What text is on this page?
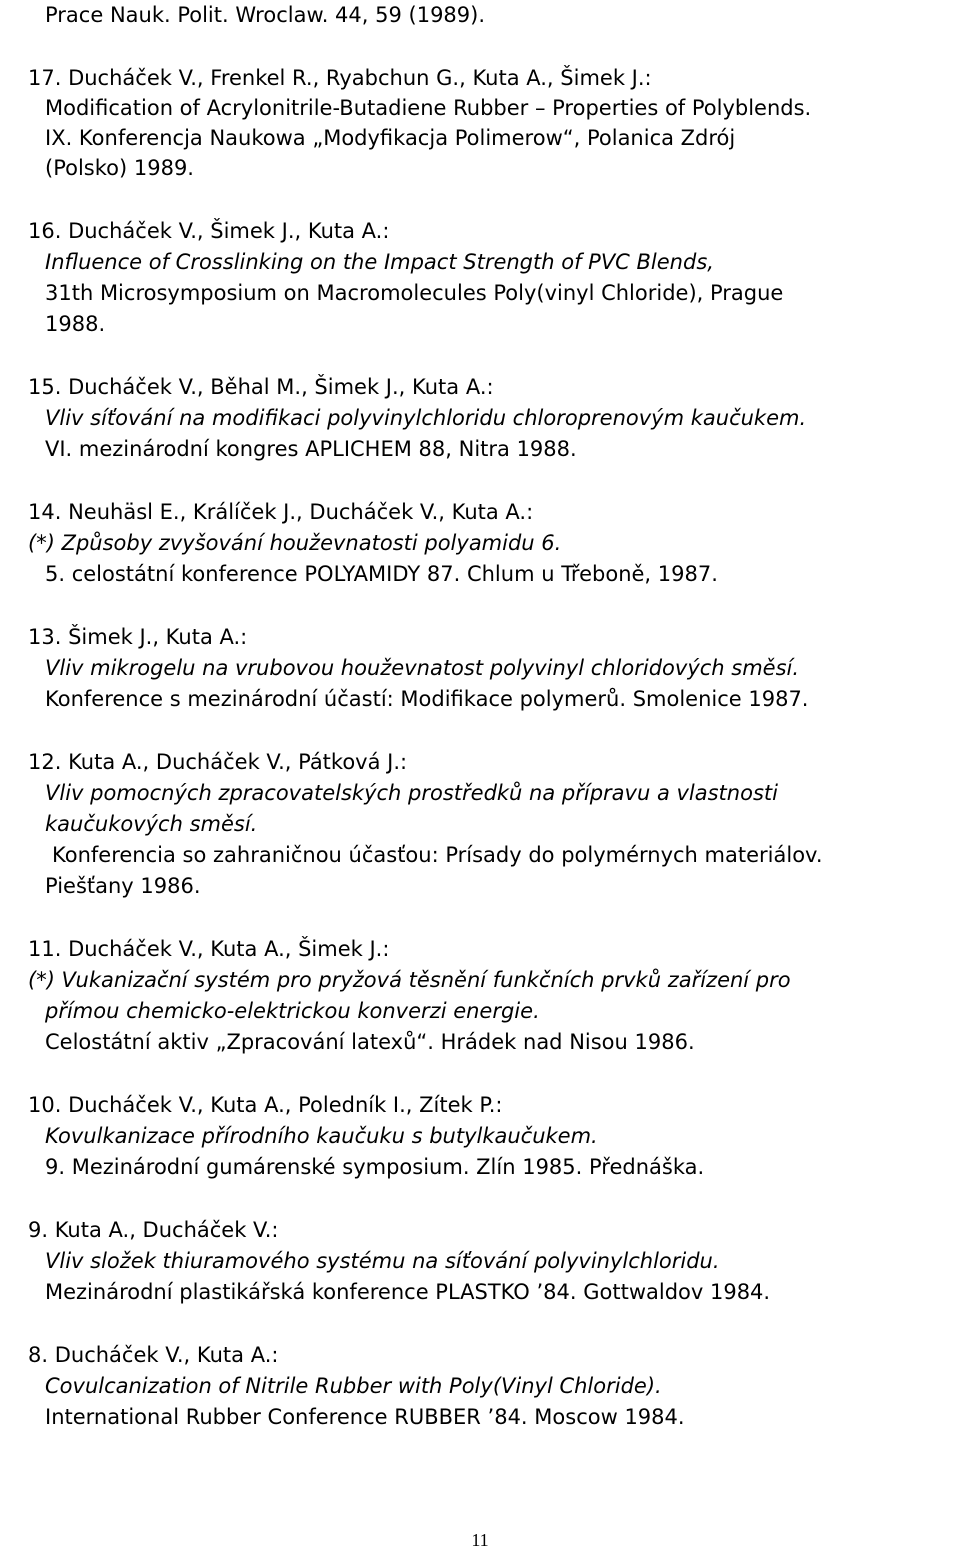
Prace Nauk. Polit. Wroclaw. 44, 59 (1989).
17. Ducháček V., Frenkel R., Ryabchun G., Kuta A., Šimek J.:
Modification of Acrylonitrile-Butadiene Rubber – Properties of Polyblends.
IX. Konferencja Naukowa „Modyfikacja Polimerow“, Polanica Zdrój
(Polsko) 1989.
16. Ducháček V., Šimek J., Kuta A.:
Influence of Crosslinking on the Impact Strength of PVC Blends,
31th Microsymposium on Macromolecules Poly(vinyl Chloride), Prague
1988.
15. Ducháček V., Běhal M., Šimek J., Kuta A.:
Vliv síťování na modifikaci polyvinylchloridu chloroprenovým kaučukem.
VI. mezinárodní kongres APLICHEM 88, Nitra 1988.
14. Neuhäsl E., Králíček J., Ducháček V., Kuta A.:
(*) Způsoby zvyšování houževnatosti polyamidu 6.
5. celostátní konference POLYAMIDY 87. Chlum u Třeboně, 1987.
13. Šimek J., Kuta A.:
Vliv mikrogelu na vrubovou houževnatost polyvinyl chloridových směsí.
Konference s mezinárodní účastí: Modifikace polymerů. Smolenice 1987.
12. Kuta A., Ducháček V., Pátková J.:
Vliv pomocných zpracovatelských prostředků na přípravu a vlastnosti
kaučukových směsí.
Konferencia so zahraničnou účasťou: Prísady do polymérnych materiálov.
Piešťany 1986.
11. Ducháček V., Kuta A., Šimek J.:
(*) Vukanizační systém pro pryžová těsnění funkčních prvků zařízení pro
přímou chemicko-elektrickou konverzi energie.
Celostátní aktiv „Zpracování latexů“. Hrádek nad Nisou 1986.
10. Ducháček V., Kuta A., Poledník I., Zítek P.:
Kovulkanizace přírodního kaučuku s butylkaučukem.
9. Mezinárodní gumárenské symposium. Zlín 1985. Přednáška.
9. Kuta A., Ducháček V.:
Vliv složek thiuramového systému na síťování polyvinylchloridu.
Mezinárodní plastikářská konference PLASTKO ’84. Gottwaldov 1984.
8. Ducháček V., Kuta A.:
Covulcanization of Nitrile Rubber with Poly(Vinyl Chloride).
International Rubber Conference RUBBER ’84. Moscow 1984.
11
